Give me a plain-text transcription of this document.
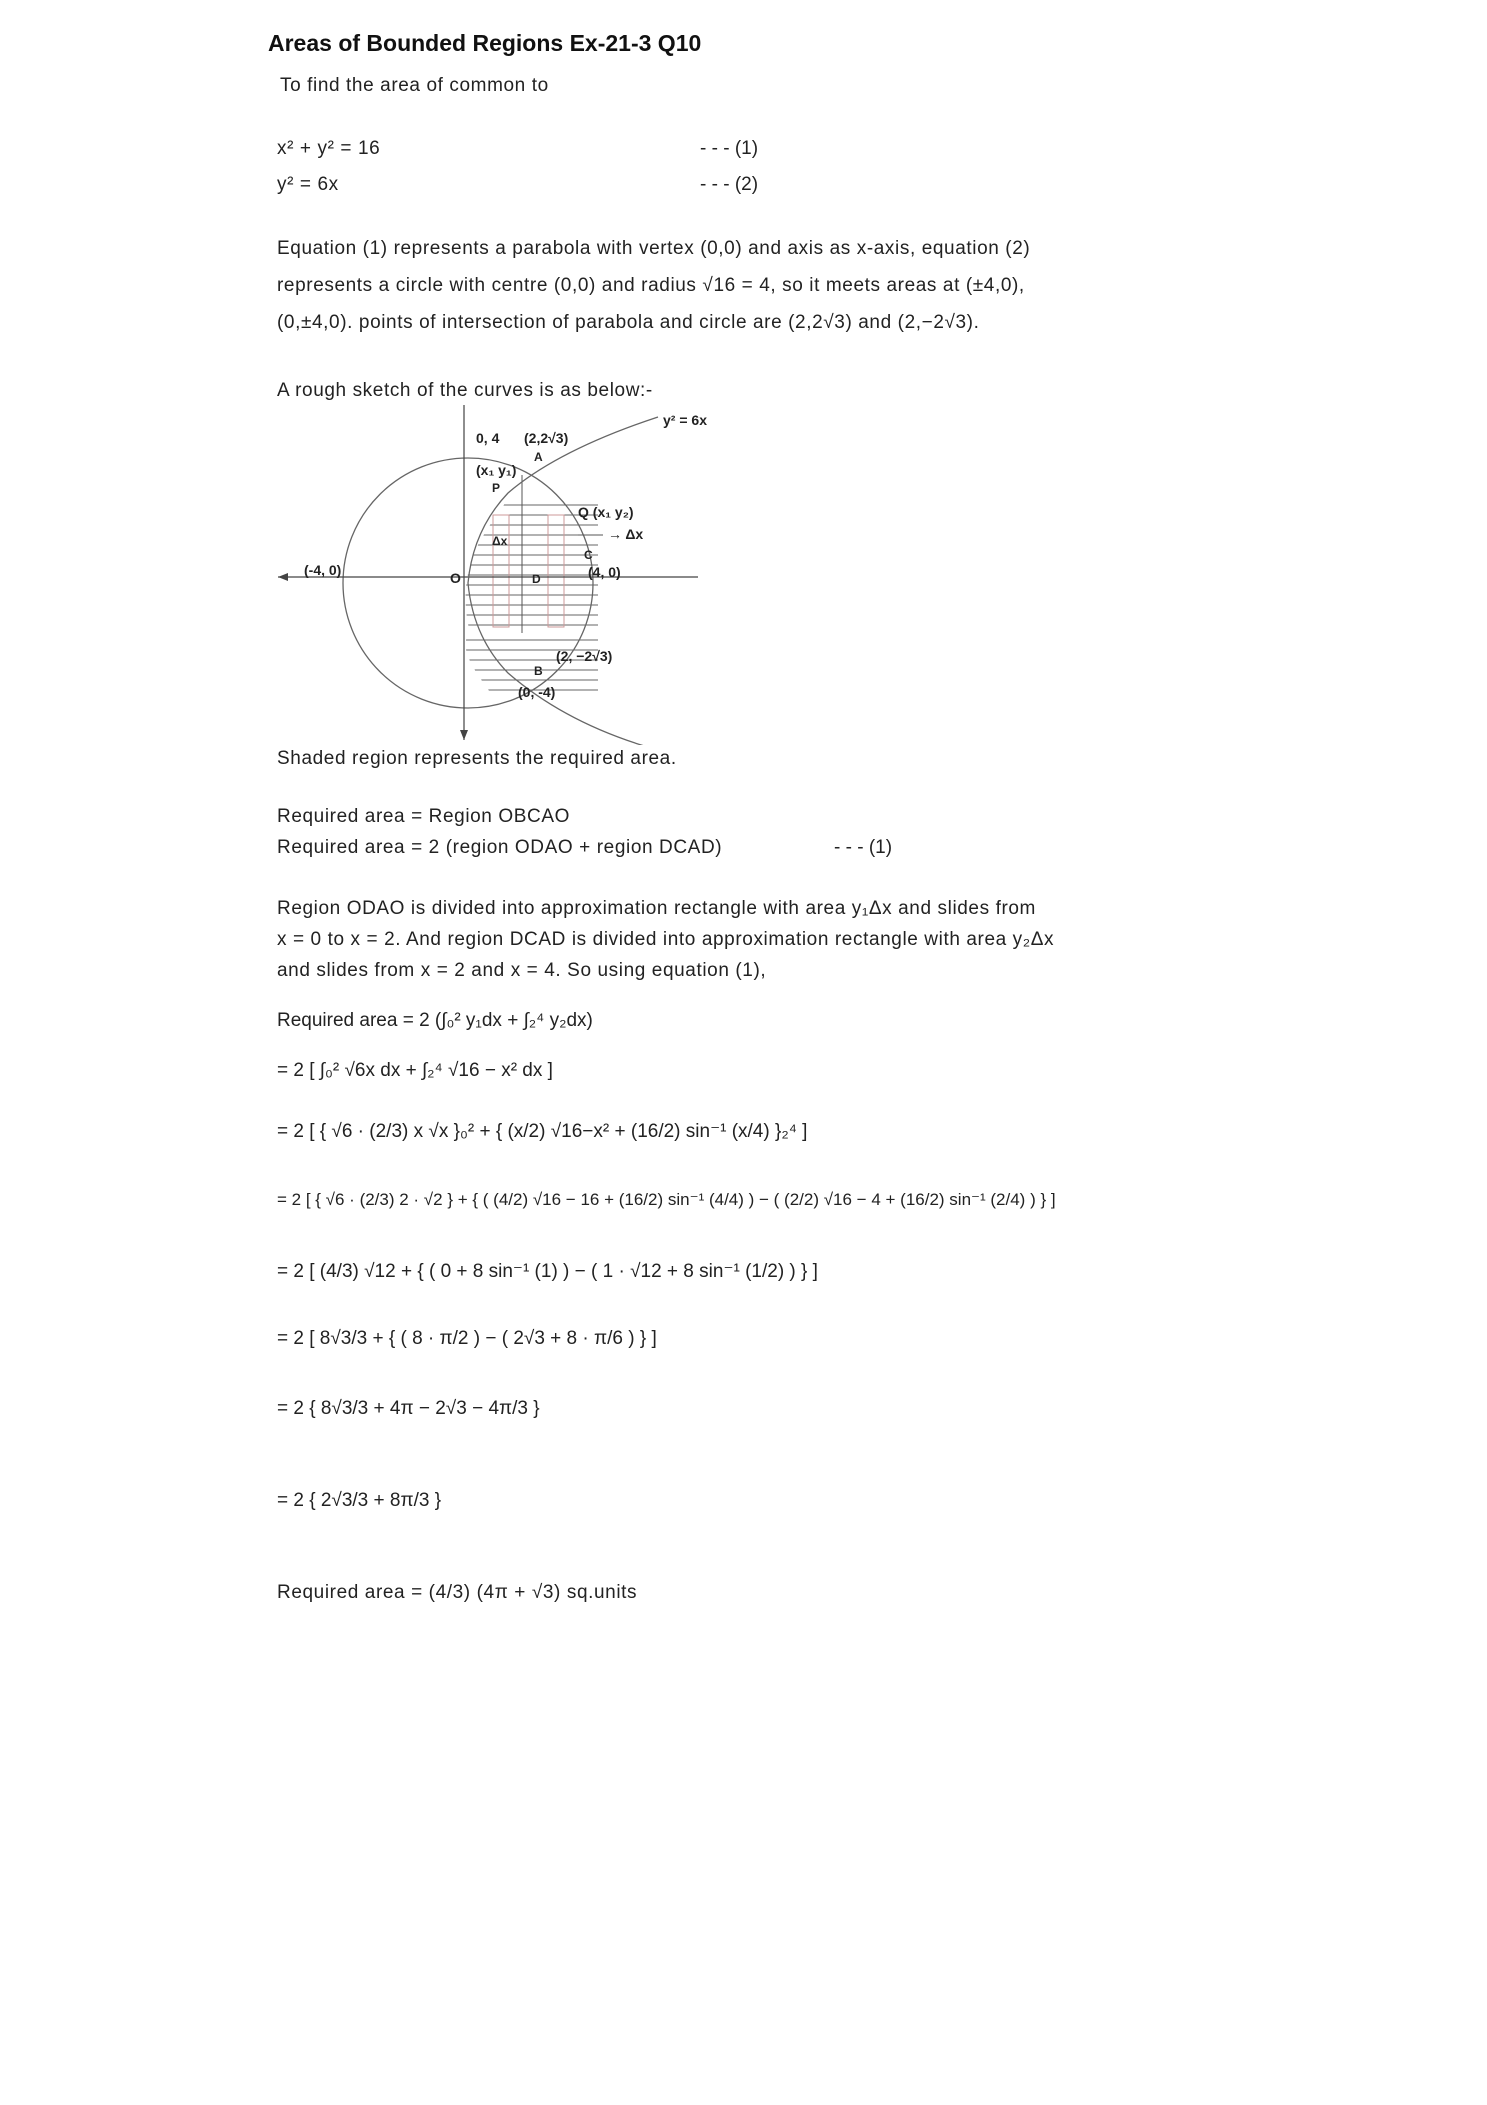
Areas of Bounded Regions Ex-21-3 Q10
To find the area of common to
x² + y² = 16	- - - (1)
y² = 6x	- - - (2)
Equation (1) represents a parabola with vertex (0,0) and axis as x-axis, equation (2)
represents a circle with centre (0,0) and radius √16 = 4, so it meets areas at (±4,0),
(0,±4,0). points of intersection of parabola and circle are (2,2√3) and (2,−2√3).
A rough sketch of the curves is as below:-
y² = 6x
0, 4 (2,2√3)
A
(x₁ y₁)
P
Q (x₁ y₂)
→ Δx
Δx
C
(-4, 0)	O	D	(4, 0)
(2, −2√3)
B
(0, -4)
Shaded region represents the required area.
Required area = Region OBCAO
Required area = 2 (region ODAO + region DCAD)	- - - (1)
Region ODAO is divided into approximation rectangle with area y₁Δx and slides from
x = 0 to x = 2. And region DCAD is divided into approximation rectangle with area y₂Δx
and slides from x = 2 and x = 4. So using equation (1),
Required area = 2 (∫₀² y₁dx + ∫₂⁴ y₂dx)
= 2 [ ∫₀² √6x dx + ∫₂⁴ √16 − x² dx ]
= 2 [ { √6 · (2/3) x √x }₀² + { (x/2) √16−x² + (16/2) sin⁻¹ (x/4) }₂⁴ ]
= 2 [ { √6 · (2/3) 2 · √2 } + { ( (4/2) √16 − 16 + (16/2) sin⁻¹ (4/4) ) − ( (2/2) √16 − 4 + (16/2) sin⁻¹ (2/4) ) } ]
= 2 [ (4/3) √12 + { ( 0 + 8 sin⁻¹ (1) ) − ( 1 · √12 + 8 sin⁻¹ (1/2) ) } ]
= 2 [ 8√3/3 + { ( 8 · π/2 ) − ( 2√3 + 8 · π/6 ) } ]
= 2 { 8√3/3 + 4π − 2√3 − 4π/3 }
= 2 { 2√3/3 + 8π/3 }
Required area = (4/3) (4π + √3) sq.units
